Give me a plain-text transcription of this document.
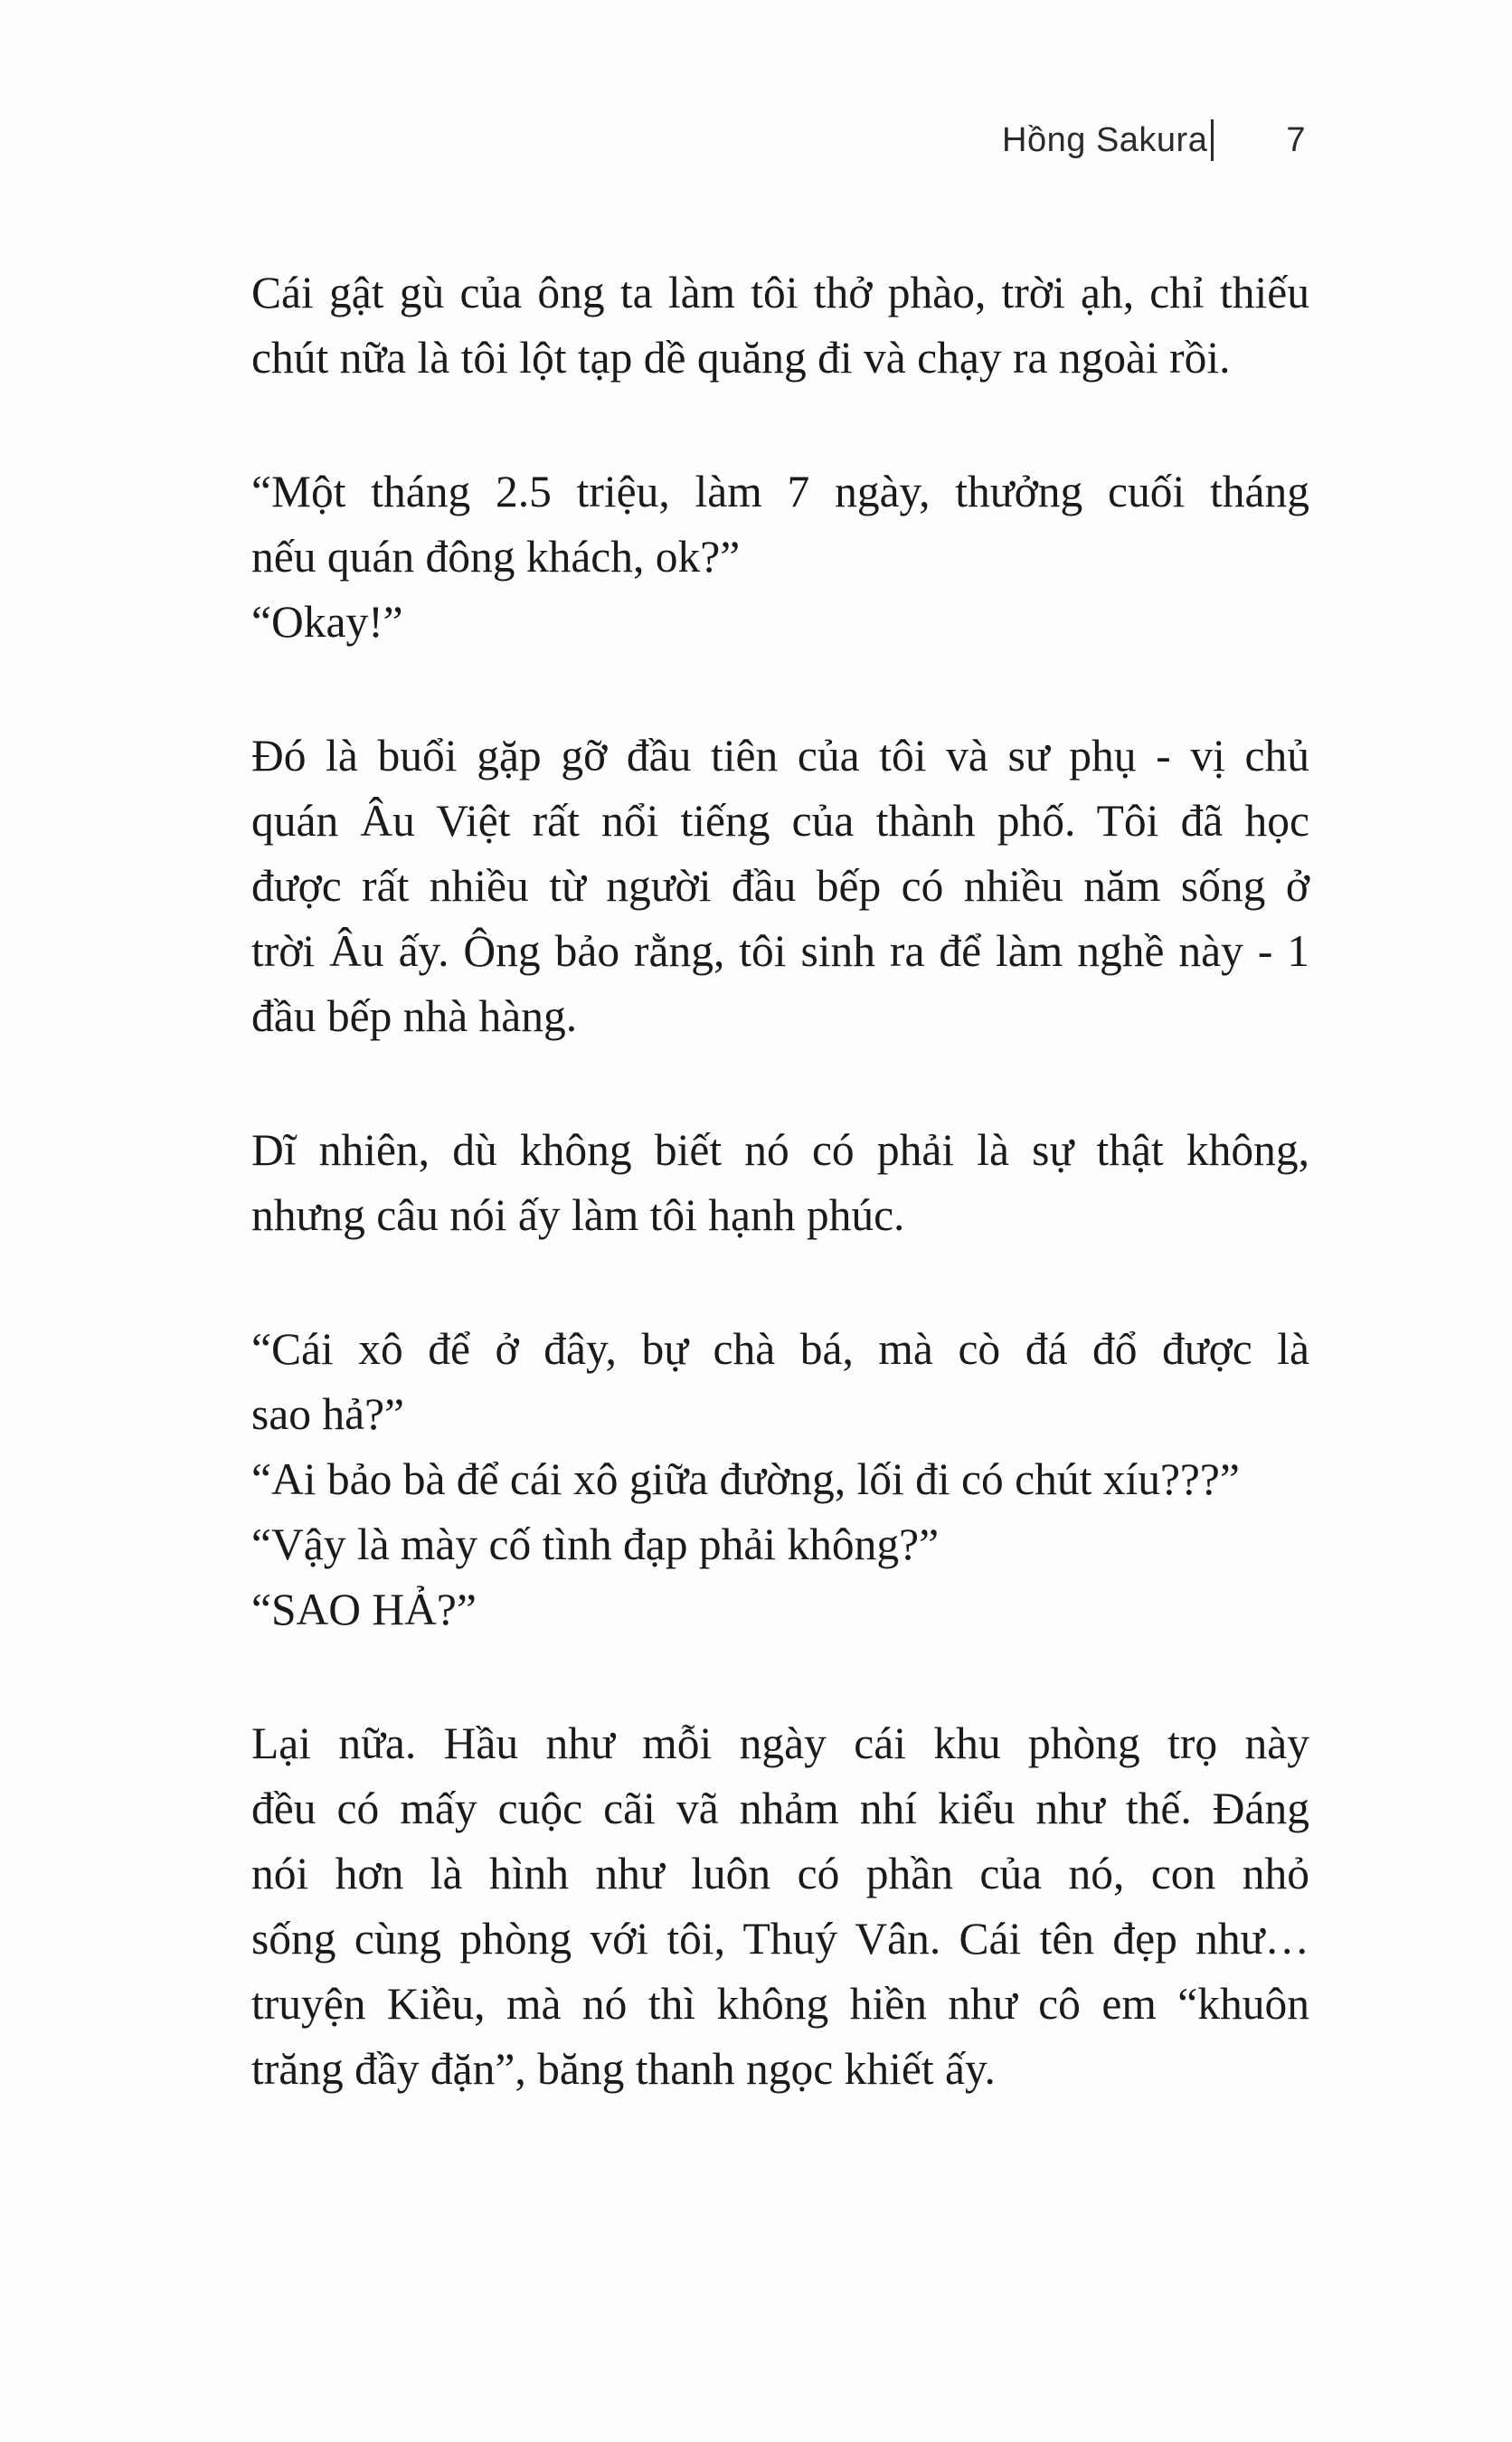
Hồng Sakura 7

Cái gật gù của ông ta làm tôi thở phào, trời ạh, chỉ thiếu
chút nữa là tôi lột tạp dề quăng đi và chạy ra ngoài rồi.

“Một tháng 2.5 triệu, làm 7 ngày, thưởng cuối tháng
nếu quán đông khách, ok?”
“Okay!”

Đó là buổi gặp gỡ đầu tiên của tôi và sư phụ - vị chủ
quán Âu Việt rất nổi tiếng của thành phố. Tôi đã học
được rất nhiều từ người đầu bếp có nhiều năm sống ở
trời Âu ấy. Ông bảo rằng, tôi sinh ra để làm nghề này - 1
đầu bếp nhà hàng.

Dĩ nhiên, dù không biết nó có phải là sự thật không,
nhưng câu nói ấy làm tôi hạnh phúc.

“Cái xô để ở đây, bự chà bá, mà cò đá đổ được là
sao hả?”
“Ai bảo bà để cái xô giữa đường, lối đi có chút xíu???”
“Vậy là mày cố tình đạp phải không?”
“SAO HẢ?”

Lại nữa. Hầu như mỗi ngày cái khu phòng trọ này
đều có mấy cuộc cãi vã nhảm nhí kiểu như thế. Đáng
nói hơn là hình như luôn có phần của nó, con nhỏ
sống cùng phòng với tôi, Thuý Vân. Cái tên đẹp như…
truyện Kiều, mà nó thì không hiền như cô em “khuôn
trăng đầy đặn”, băng thanh ngọc khiết ấy.
